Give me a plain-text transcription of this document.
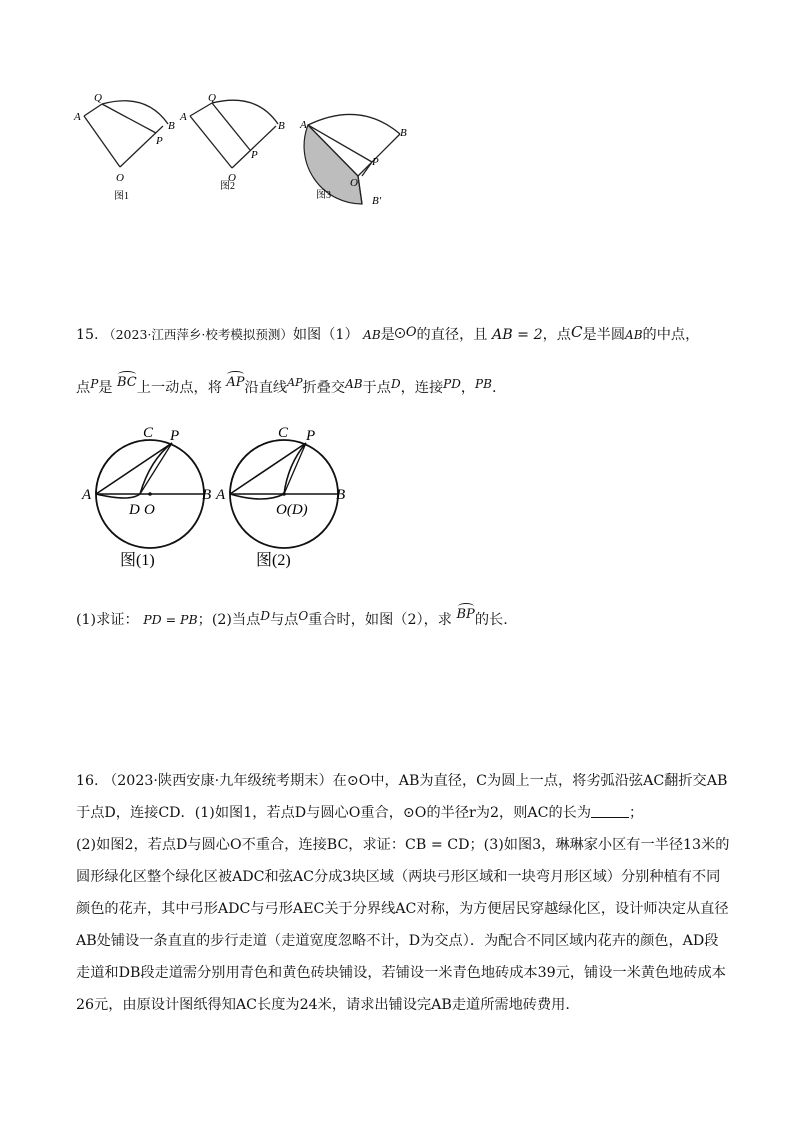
A
Q
B
P
O
图1
A
Q
B
P
O
图2
A
B
P
O
B′
图3
15. （2023·江西萍乡·校考模拟预测）如图（1） AB是 O的直径，且 AB = 2，点C是半圆AB的中点，
点$^P$是 BC上一动点，将 AP沿直线$^{AP}$折叠交$^{AB}$于点$^D$，连接$^{PD}$，$^{PB}$.
A	B
C P
D O
图(1)
A	B
C P
O(D)
图(2)
(1)求证： PD = PB；(2)当点$^D$与点$^O$重合时，如图（2），求 BP的长.
16. （2023·陕西安康·九年级统考期末）在⊙O中，AB为直径，C为圆上一点，将劣弧沿弦AC翻折交AB
于点D，连接CD．(1)如图1，若点D与圆心O重合，⊙O的半径r为2，则AC的长为	；
(2)如图2，若点D与圆心O不重合，连接BC，求证：CB = CD；(3)如图3，琳琳家小区有一半径13米的
圆形绿化区整个绿化区被ADC和弦AC分成3块区域（两块弓形区域和一块弯月形区域）分别种植有不同
颜色的花卉，其中弓形ADC与弓形AEC关于分界线AC对称，为方便居民穿越绿化区，设计师决定从直径
AB处铺设一条直直的步行走道（走道宽度忽略不计，D为交点）．为配合不同区域内花卉的颜色，AD段
走道和DB段走道需分别用青色和黄色砖块铺设，若铺设一米青色地砖成本39元，铺设一米黄色地砖成本
26元，由原设计图纸得知AC长度为24米，请求出铺设完AB走道所需地砖费用.
